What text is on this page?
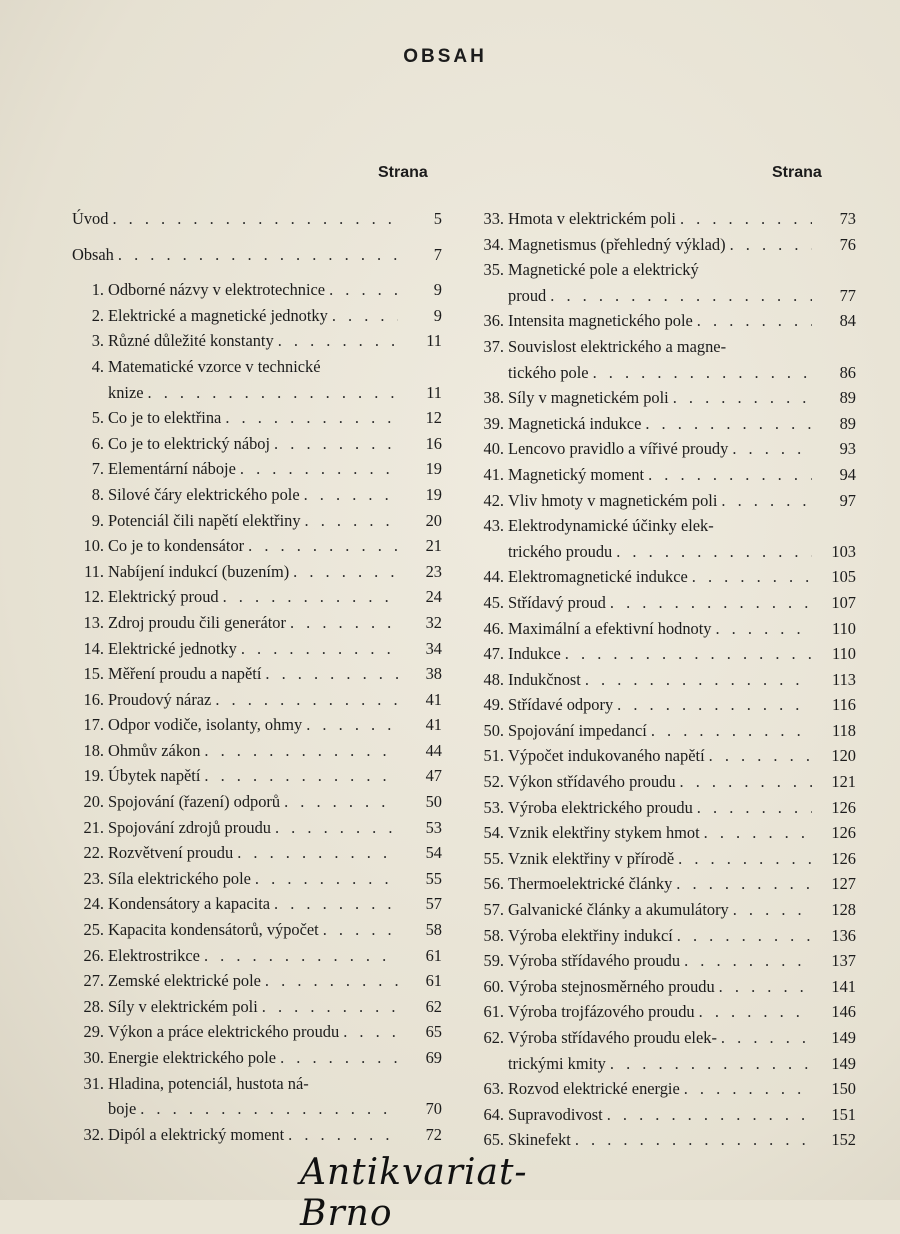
OBSAH
Strana	Strana
Úvod . . .	5
Obsah . . .	7
1. Odborné názvy v elektrotechnice . . .	9
2. Elektrické a magnetické jednotky . . .	9
3. Různé důležité konstanty . . .	11
4. Matematické vzorce v technické
knize . . .	11
5. Co je to elektřina . . .	12
6. Co je to elektrický náboj . . .	16
7. Elementární náboje . . .	19
8. Silové čáry elektrického pole . . .	19
9. Potenciál čili napětí elektřiny . . .	20
10. Co je to kondensátor . . .	21
11. Nabíjení indukcí (buzením) . . .	23
12. Elektrický proud . . .	24
13. Zdroj proudu čili generátor . . .	32
14. Elektrické jednotky . . .	34
15. Měření proudu a napětí . . .	38
16. Proudový náraz . . .	41
17. Odpor vodiče, isolanty, ohmy . . .	41
18. Ohmův zákon . . .	44
19. Úbytek napětí . . .	47
20. Spojování (řazení) odporů . . .	50
21. Spojování zdrojů proudu . . .	53
22. Rozvětvení proudu . . .	54
23. Síla elektrického pole . . .	55
24. Kondensátory a kapacita . . .	57
25. Kapacita kondensátorů, výpočet . . .	58
26. Elektrostrikce . . .	61
27. Zemské elektrické pole . . .	61
28. Síly v elektrickém poli . . .	62
29. Výkon a práce elektrického proudu . . .	65
30. Energie elektrického pole . . .	69
31. Hladina, potenciál, hustota ná-
boje . . .	70
32. Dipól a elektrický moment . . .	72
33. Hmota v elektrickém poli . . .	73
34. Magnetismus (přehledný výklad) . . .	76
35. Magnetické pole a elektrický
proud . . .	77
36. Intensita magnetického pole . . .	84
37. Souvislost elektrického a magne-
tického pole . . .	86
38. Síly v magnetickém poli . . .	89
39. Magnetická indukce . . .	89
40. Lencovo pravidlo a vířivé proudy . . .	93
41. Magnetický moment . . .	94
42. Vliv hmoty v magnetickém poli . . .	97
43. Elektrodynamické účinky elek-
trického proudu . . .	103
44. Elektromagnetické indukce . . .	105
45. Střídavý proud . . .	107
46. Maximální a efektivní hodnoty . . .	110
47. Indukce . . .	110
48. Indukčnost . . .	113
49. Střídavé odpory . . .	116
50. Spojování impedancí . . .	118
51. Výpočet indukovaného napětí . . .	120
52. Výkon střídavého proudu . . .	121
53. Výroba elektrického proudu . . .	126
54. Vznik elektřiny stykem hmot . . .	126
55. Vznik elektřiny v přírodě . . .	126
56. Thermoelektrické články . . .	127
57. Galvanické články a akumulátory . . .	128
58. Výroba elektřiny indukcí . . .	136
59. Výroba střídavého proudu . . .	137
60. Výroba stejnosměrného proudu . . .	141
61. Výroba trojfázového proudu . . .	146
62. Výroba střídavého proudu elek- . . .	149
trickými kmity . . .	149
63. Rozvod elektrické energie . . .	150
64. Supravodivost . . .	151
65. Skinefekt . . .	152
Antikvariat-Brno
